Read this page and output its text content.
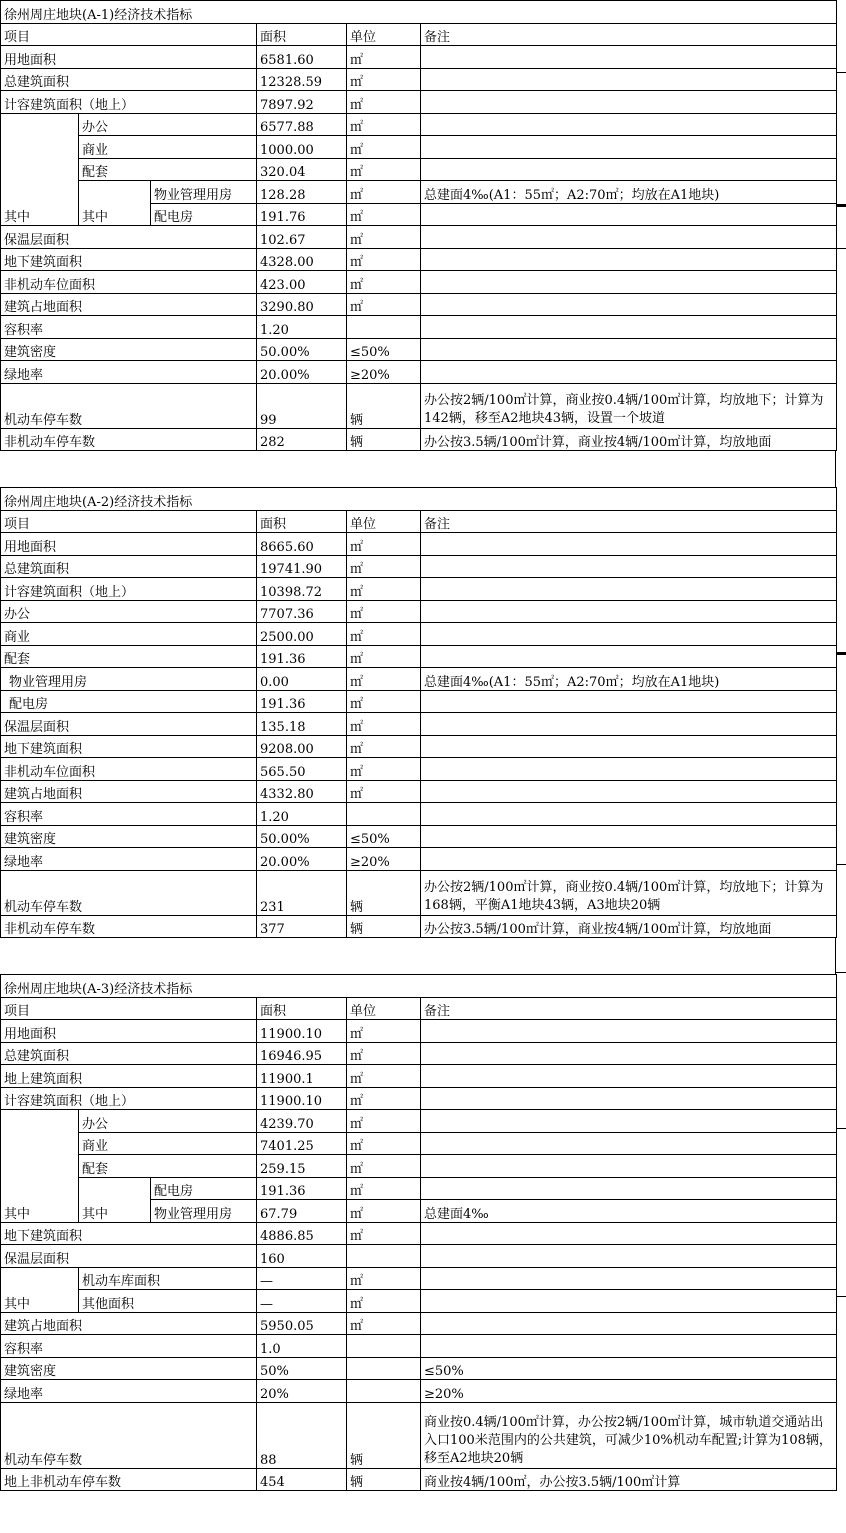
徐州周庄地块(A-1)经济技术指标					
项目			面积	单位	备注
用地面积			6581.60	㎡	
总建筑面积			12328.59	㎡	
计容建筑面积（地上）			7897.92	㎡	
其中	办公		6577.88	㎡	
	商业		1000.00	㎡	
	配套		320.04	㎡	
	其中	物业管理用房	128.28	㎡	总建面4‰(A1：55㎡；A2:70㎡；均放在A1地块)
		配电房	191.76	㎡	
保温层面积			102.67	㎡	
地下建筑面积			4328.00	㎡	
非机动车位面积			423.00	㎡	
建筑占地面积			3290.80	㎡	
容积率			1.20		
建筑密度			50.00%	≤50%	
绿地率			20.00%	≥20%	
机动车停车数			99	辆	办公按2辆/100㎡计算，商业按0.4辆/100㎡计算，均放地下；计算为142辆，移至A2地块43辆，设置一个坡道
非机动车停车数			282	辆	办公按3.5辆/100㎡计算，商业按4辆/100㎡计算，均放地面
徐州周庄地块(A-2)经济技术指标			
项目	面积	单位	备注
用地面积	8665.60	㎡	
总建筑面积	19741.90	㎡	
计容建筑面积（地上）	10398.72	㎡	
办公	7707.36	㎡	
商业	2500.00	㎡	
配套	191.36	㎡	
物业管理用房	0.00	㎡	总建面4‰(A1：55㎡；A2:70㎡；均放在A1地块)
配电房	191.36	㎡	
保温层面积	135.18	㎡	
地下建筑面积	9208.00	㎡	
非机动车位面积	565.50	㎡	
建筑占地面积	4332.80	㎡	
容积率	1.20		
建筑密度	50.00%	≤50%	
绿地率	20.00%	≥20%	
机动车停车数	231	辆	办公按2辆/100㎡计算，商业按0.4辆/100㎡计算，均放地下；计算为168辆，平衡A1地块43辆，A3地块20辆
非机动车停车数	377	辆	办公按3.5辆/100㎡计算，商业按4辆/100㎡计算，均放地面
徐州周庄地块(A-3)经济技术指标					
项目			面积	单位	备注
用地面积			11900.10	㎡	
总建筑面积			16946.95	㎡	
地上建筑面积			11900.1	㎡	
计容建筑面积（地上）			11900.10	㎡	
其中	办公		4239.70	㎡	
	商业		7401.25	㎡	
	配套		259.15	㎡	
	其中	配电房	191.36	㎡	
		物业管理用房	67.79	㎡	总建面4‰
地下建筑面积			4886.85	㎡	
保温层面积			160		
其中	机动车库面积		—	㎡	
	其他面积		—	㎡	
建筑占地面积			5950.05	㎡	
容积率			1.0		
建筑密度			50%		≤50%
绿地率			20%		≥20%
机动车停车数			88	辆	商业按0.4辆/100㎡计算，办公按2辆/100㎡计算，城市轨道交通站出入口100米范围内的公共建筑，可减少10%机动车配置;计算为108辆，移至A2地块20辆
地上非机动车停车数			454	辆	商业按4辆/100㎡，办公按3.5辆/100㎡计算
